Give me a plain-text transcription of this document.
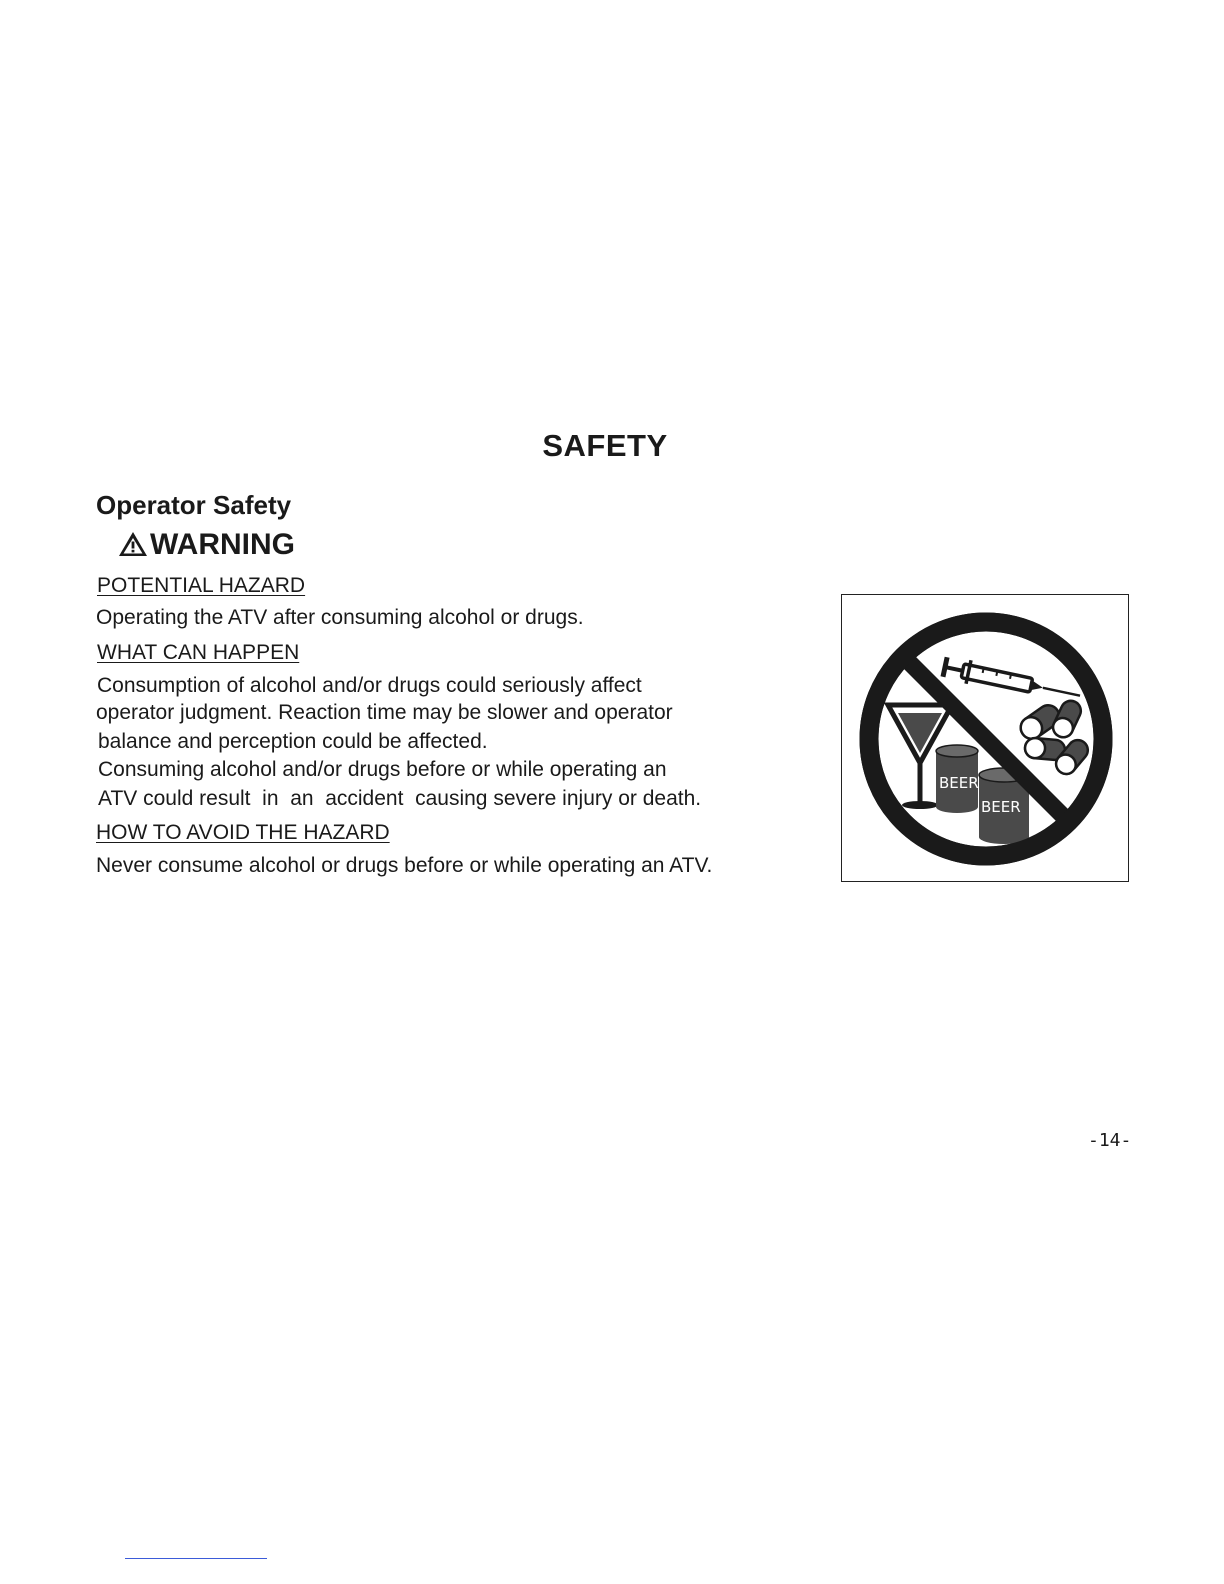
SAFETY
Operator Safety
WARNING
POTENTIAL HAZARD
Operating the ATV after consuming alcohol or drugs.
WHAT CAN HAPPEN
Consumption of alcohol and/or drugs could seriously affect
operator judgment. Reaction time may be slower and operator
balance and perception could be affected.
Consuming alcohol and/or drugs before or while operating an
ATV could result  in  an  accident  causing severe injury or death.
HOW TO AVOID THE HAZARD
Never consume alcohol or drugs before or while operating an ATV.
BEER
BEER
-14-
